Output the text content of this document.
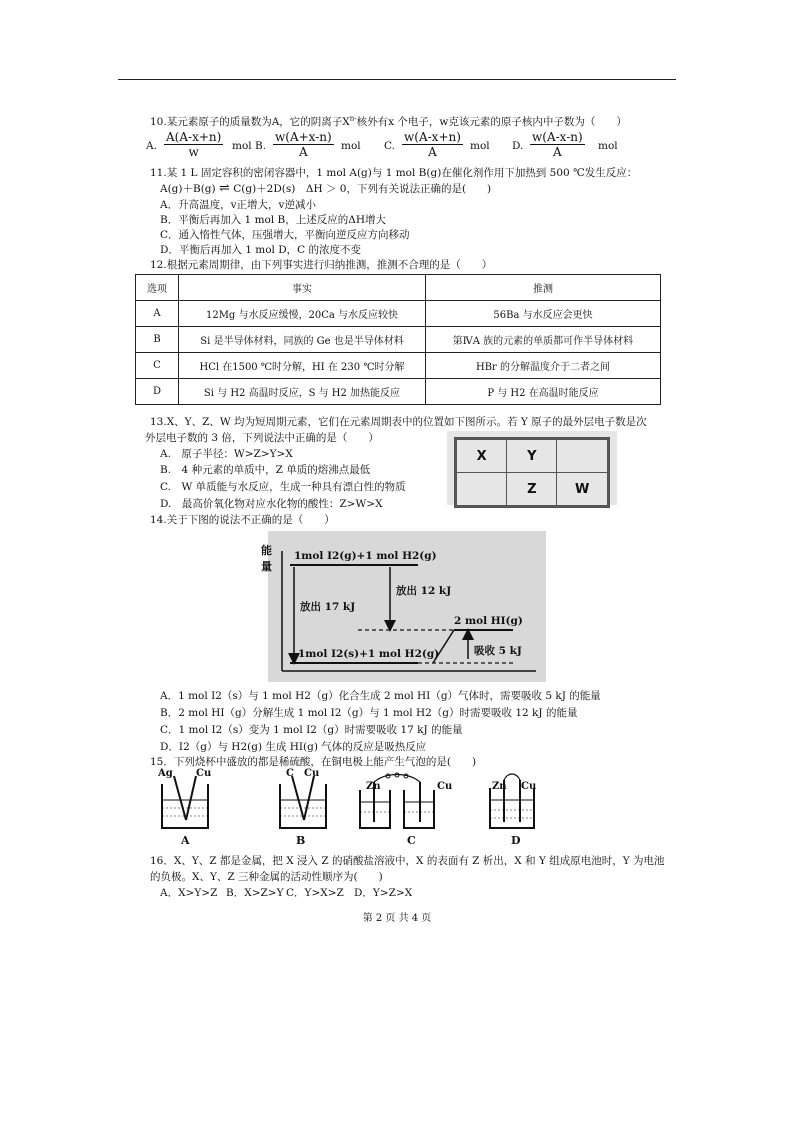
10.某元素原子的质量数为A，它的阴离子$X^{n-}$核外有x 个电子，w克该元素的原子核内中子数为（　　）
A. $\frac{A(A-x+n)}{w}$ mol B. $\frac{w(A+x-n)}{A}$ mol C. $\frac{w(A-x+n)}{A}$ mol D. $\frac{w(A-x-n)}{A}$ mol
11.某 1 L 固定容积的密闭容器中，1 mol A(g)与 1 mol B(g)在催化剂作用下加热到 500 ℃发生反应：
A(g)＋B(g) ⇌ C(g)＋2D(s)　ΔH ＞ 0，下列有关说法正确的是(　　)
A．升高温度，v正增大，v逆减小
B．平衡后再加入 1 mol B，上述反应的ΔH增大
C．通入惰性气体，压强增大，平衡向逆反应方向移动
D．平衡后再加入 1 mol D，C 的浓度不变
12.根据元素周期律，由下列事实进行归纳推测，推测不合理的是（　　）
选项	事实	推测
A	12Mg 与水反应缓慢，20Ca 与水反应较快	56Ba 与水反应会更快
B	Si 是半导体材料，同族的 Ge 也是半导体材料	第ⅣA 族的元素的单质都可作半导体材料
C	HCl 在1500 ℃时分解，HI 在 230 ℃时分解	HBr 的分解温度介于二者之间
D	Si 与 H2 高温时反应，S 与 H2 加热能反应	P 与 H2 在高温时能反应
13.X、Y、Z、W 均为短周期元素，它们在元素周期表中的位置如下图所示。若 Y 原子的最外层电子数是次
外层电子数的 3 倍，下列说法中正确的是（　　）
A.　原子半径：W>Z>Y>X
B.　4 种元素的单质中，Z 单质的熔沸点最低
C.　W 单质能与水反应，生成一种具有漂白性的物质
D.　最高价氧化物对应水化物的酸性：Z>W>X
X	Y	
	Z	W
14.关于下图的说法不正确的是（　　）
能
量
1mol I2(g)+1 mol H2(g)
1mol I2(s)+1 mol H2(g)
2 mol HI(g)
放出 17 kJ
放出 12 kJ
吸收 5 kJ
A．1 mol I2（s）与 1 mol H2（g）化合生成 2 mol HI（g）气体时，需要吸收 5 kJ 的能量
B．2 mol HI（g）分解生成 1 mol I2（g）与 1 mol H2（g）时需要吸收 12 kJ 的能量
C．1 mol I2（s）变为 1 mol I2（g）时需要吸收 17 kJ 的能量
D．I2（g）与 H2(g) 生成 HI(g) 气体的反应是吸热反应
15．下列烧杯中盛放的都是稀硫酸，在铜电极上能产生气泡的是(　　)
Ag Cu
A
C Cu
B
Zn	Cu
C
Zn Cu
D
16．X、Y、Z 都是金属，把 X 浸入 Z 的硝酸盐溶液中，X 的表面有 Z 析出，X 和 Y 组成原电池时，Y 为电池
的负极。X、Y、Z 三种金属的活动性顺序为(　　)
A．X>Y>Z B．X>Z>Y C．Y>X>Z D．Y>Z>X
第 2 页 共 4 页
